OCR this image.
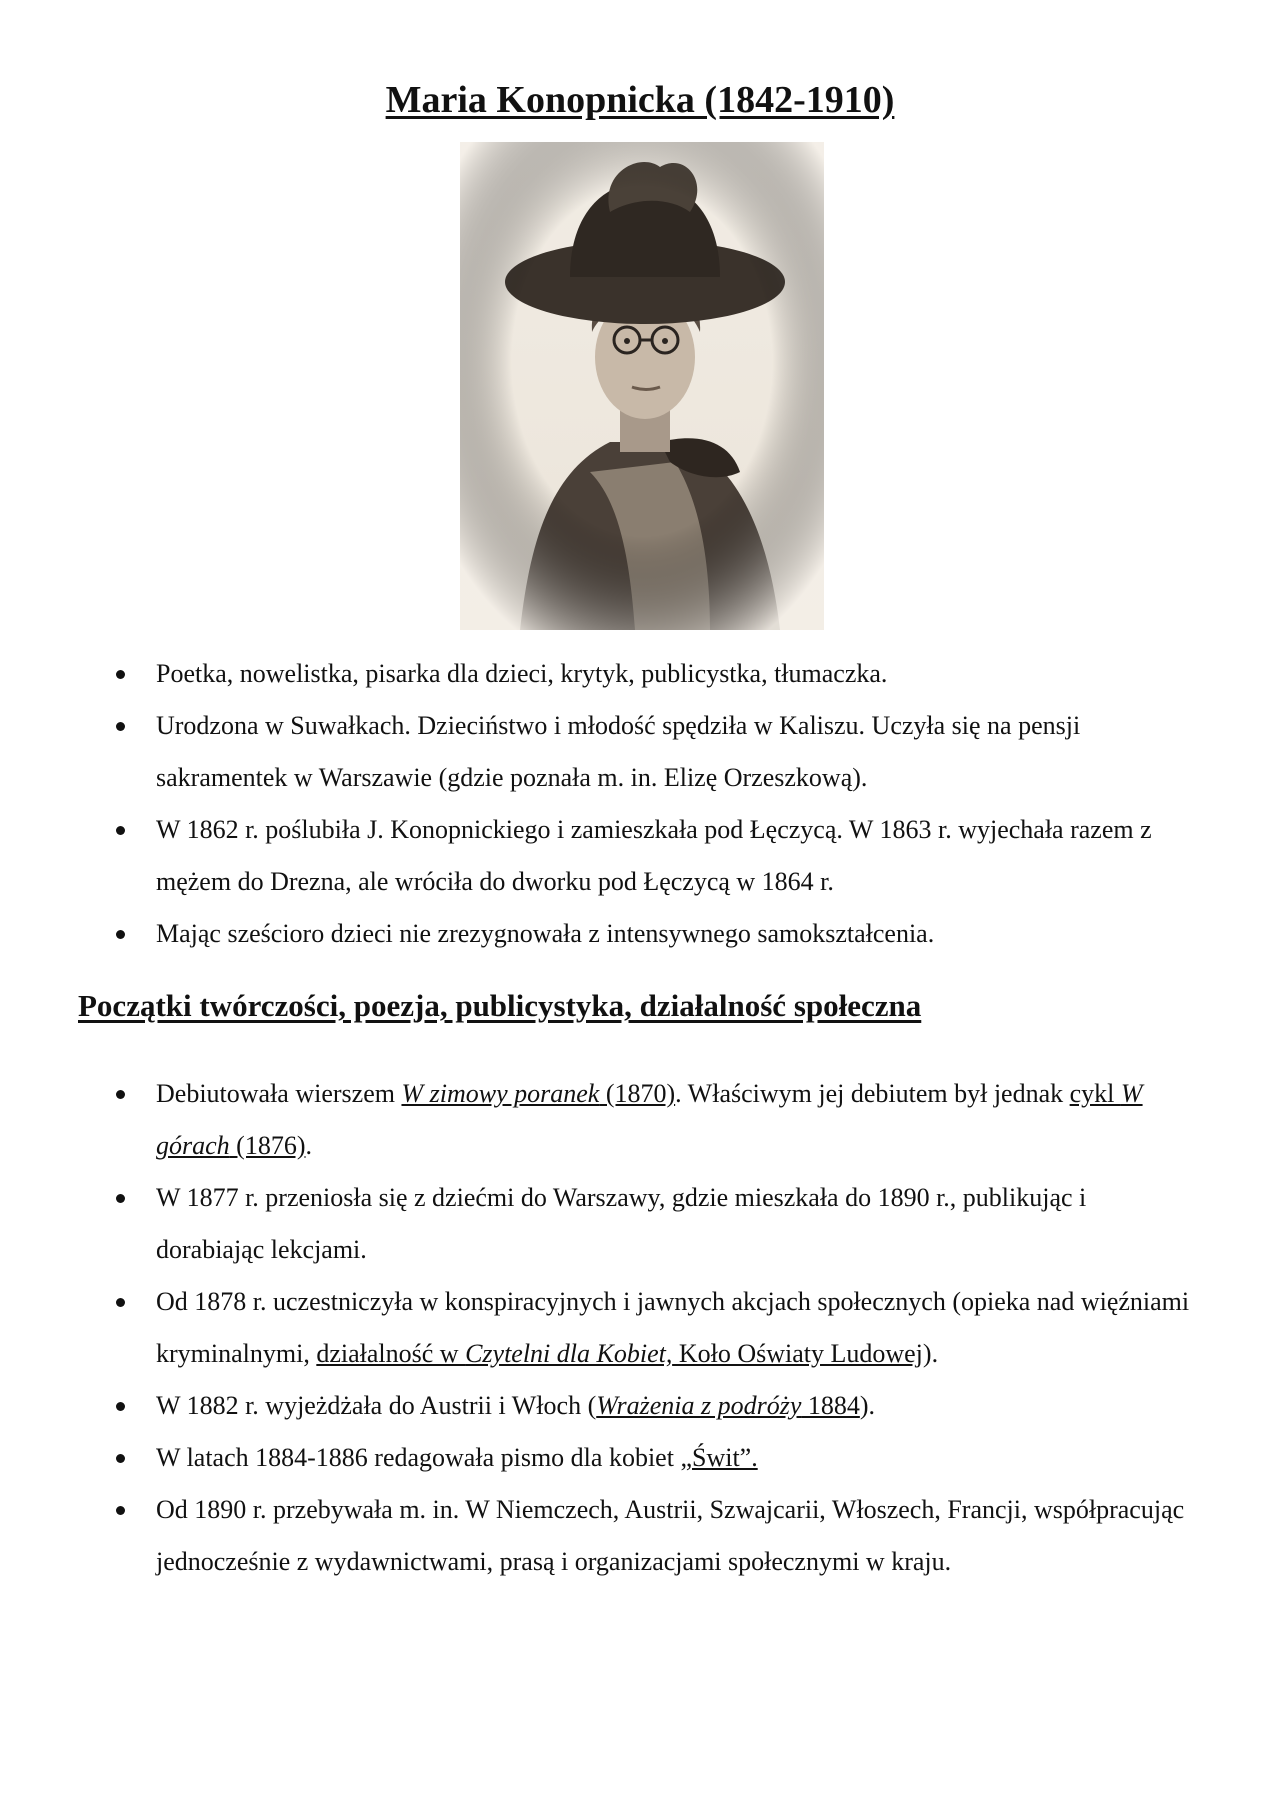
Maria Konopnicka (1842-1910)
Poetka, nowelistka, pisarka dla dzieci, krytyk, publicystka, tłumaczka.
Urodzona w Suwałkach. Dzieciństwo i młodość spędziła w Kaliszu. Uczyła się na pensji sakramentek w Warszawie (gdzie poznała m. in. Elizę Orzeszkową).
W 1862 r. poślubiła J. Konopnickiego i zamieszkała pod Łęczycą. W 1863 r. wyjechała razem z mężem do Drezna, ale wróciła do dworku pod Łęczycą w 1864 r.
Mając sześcioro dzieci nie zrezygnowała z intensywnego samokształcenia.
Początki twórczości, poezja, publicystyka, działalność społeczna
Debiutowała wierszem W zimowy poranek (1870). Właściwym jej debiutem był jednak cykl W górach (1876).
W 1877 r. przeniosła się z dziećmi do Warszawy, gdzie mieszkała do 1890 r., publikując i dorabiając lekcjami.
Od 1878 r. uczestniczyła w konspiracyjnych i jawnych akcjach społecznych (opieka nad więźniami kryminalnymi, działalność w Czytelni dla Kobiet, Koło Oświaty Ludowej).
W 1882 r. wyjeżdżała do Austrii i Włoch (Wrażenia z podróży 1884).
W latach 1884-1886 redagowała pismo dla kobiet „Świt”.
Od 1890 r. przebywała m. in. W Niemczech, Austrii, Szwajcarii, Włoszech, Francji, współpracując jednocześnie z wydawnictwami, prasą i organizacjami społecznymi w kraju.
